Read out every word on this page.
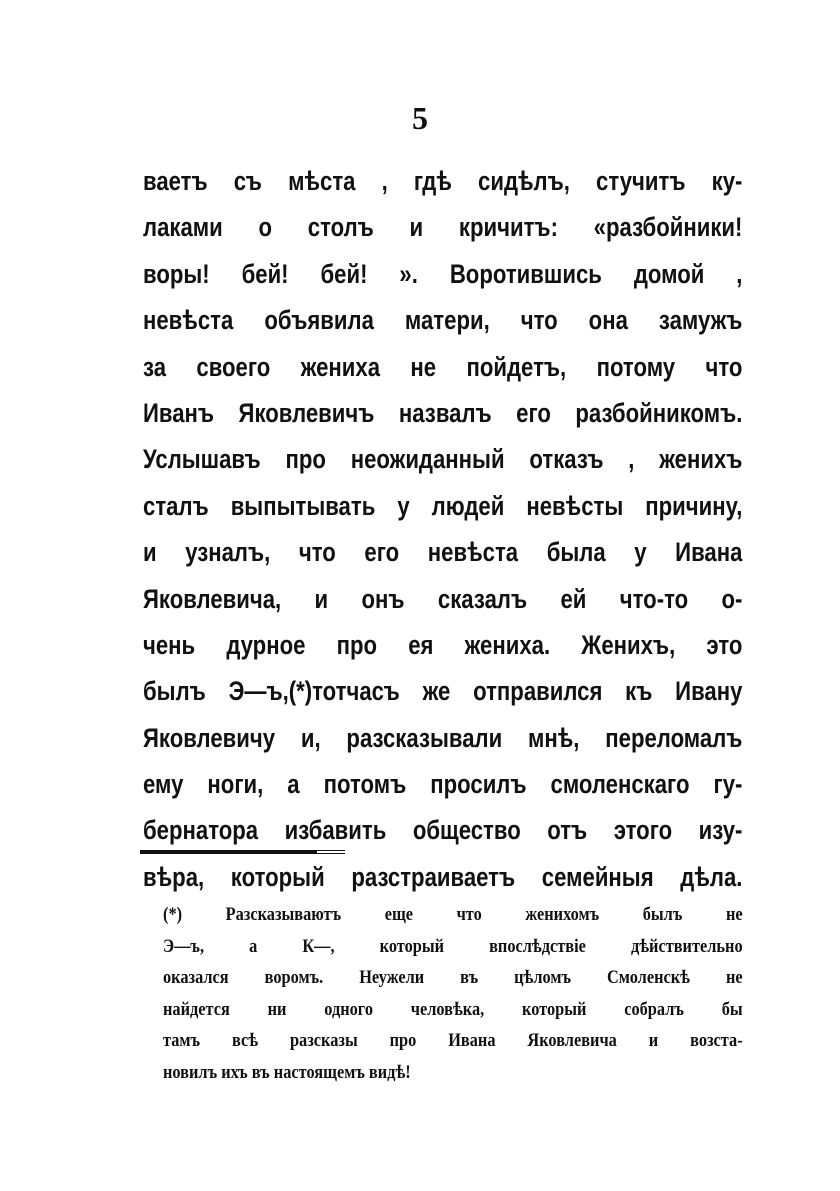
5
ваетъ съ мѣста , гдѣ сидѣлъ, стучитъ ку-
лаками о столъ и кричитъ: «разбойники!
воры! бей! бей! ». Воротившись домой ,
невѣста объявила матери, что она замужъ
за своего жениха не пойдетъ, потому что
Иванъ Яковлевичъ назвалъ его разбойникомъ.
Услышавъ про неожиданный отказъ , женихъ
сталъ выпытывать у людей невѣсты причину,
и узналъ, что его невѣста была у Ивана
Яковлевича, и онъ сказалъ ей что-то о-
чень дурное про ея жениха. Женихъ, это
былъ Э—ъ,(*)тотчасъ же отправился къ Ивану
Яковлевичу и, разсказывали мнѣ, переломалъ
ему ноги, а потомъ просилъ смоленскаго гу-
бернатора избавить общество отъ этого изу-
вѣра, который разстраиваетъ семейныя дѣла.
(*) Разсказываютъ еще что женихомъ былъ не
Э—ъ, а К—, который впослѣдствіе дѣйствительно
оказался воромъ. Неужели въ цѣломъ Смоленскѣ не
найдется ни одного человѣка, который собралъ бы
тамъ всѣ разсказы про Ивана Яковлевича и возста-
новилъ ихъ въ настоящемъ видѣ!
